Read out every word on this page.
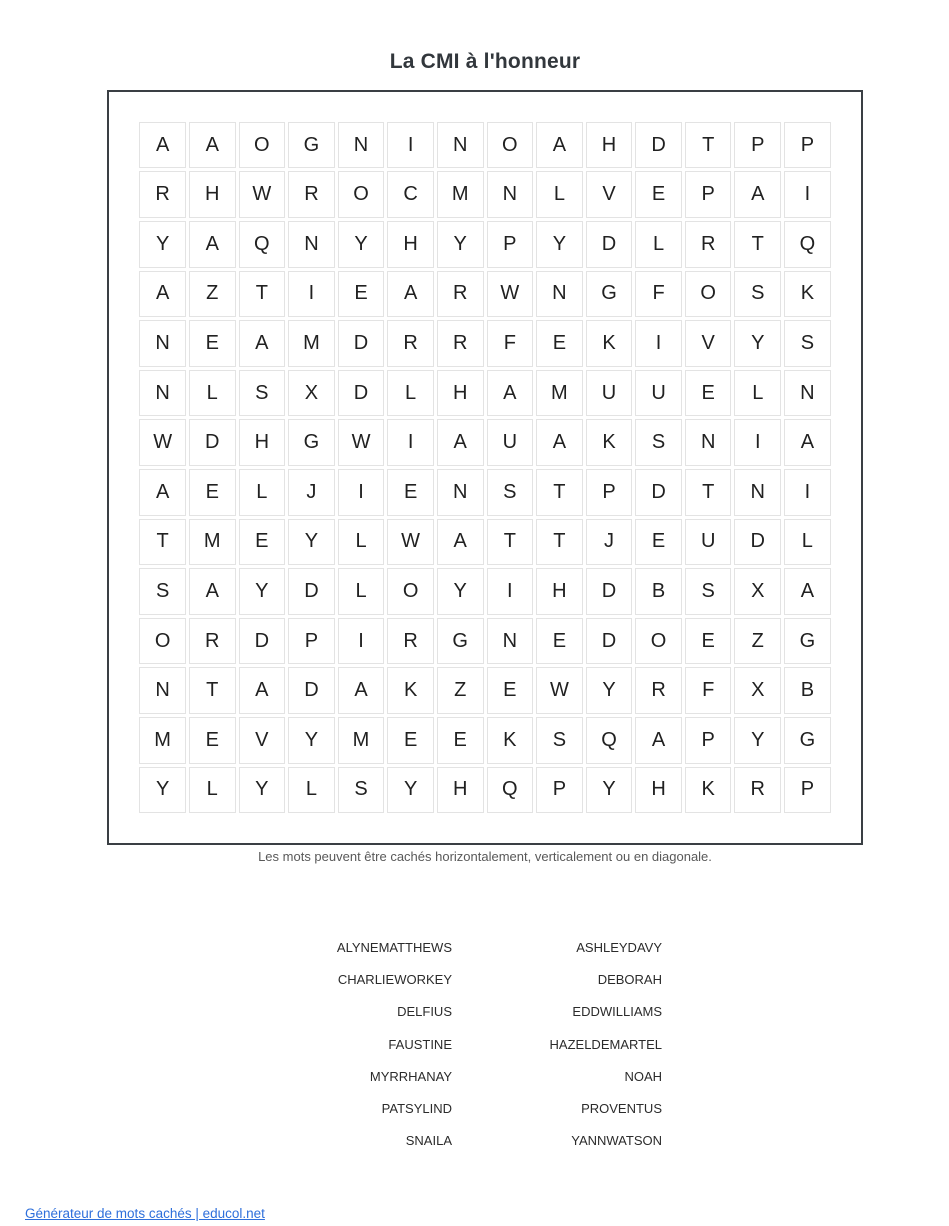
La CMI à l'honneur
A	A	O	G	N	I	N	O	A	H	D	T	P	P
R	H	W	R	O	C	M	N	L	V	E	P	A	I
Y	A	Q	N	Y	H	Y	P	Y	D	L	R	T	Q
A	Z	T	I	E	A	R	W	N	G	F	O	S	K
N	E	A	M	D	R	R	F	E	K	I	V	Y	S
N	L	S	X	D	L	H	A	M	U	U	E	L	N
W	D	H	G	W	I	A	U	A	K	S	N	I	A
A	E	L	J	I	E	N	S	T	P	D	T	N	I
T	M	E	Y	L	W	A	T	T	J	E	U	D	L
S	A	Y	D	L	O	Y	I	H	D	B	S	X	A
O	R	D	P	I	R	G	N	E	D	O	E	Z	G
N	T	A	D	A	K	Z	E	W	Y	R	F	X	B
M	E	V	Y	M	E	E	K	S	Q	A	P	Y	G
Y	L	Y	L	S	Y	H	Q	P	Y	H	K	R	P
Les mots peuvent être cachés horizontalement, verticalement ou en diagonale.
ALYNEMATTHEWS
CHARLIEWORKEY
DELFIUS
FAUSTINE
MYRRHANAY
PATSYLIND
SNAILA
ASHLEYDAVY
DEBORAH
EDDWILLIAMS
HAZELDEMARTEL
NOAH
PROVENTUS
YANNWATSON
Générateur de mots cachés | educol.net
